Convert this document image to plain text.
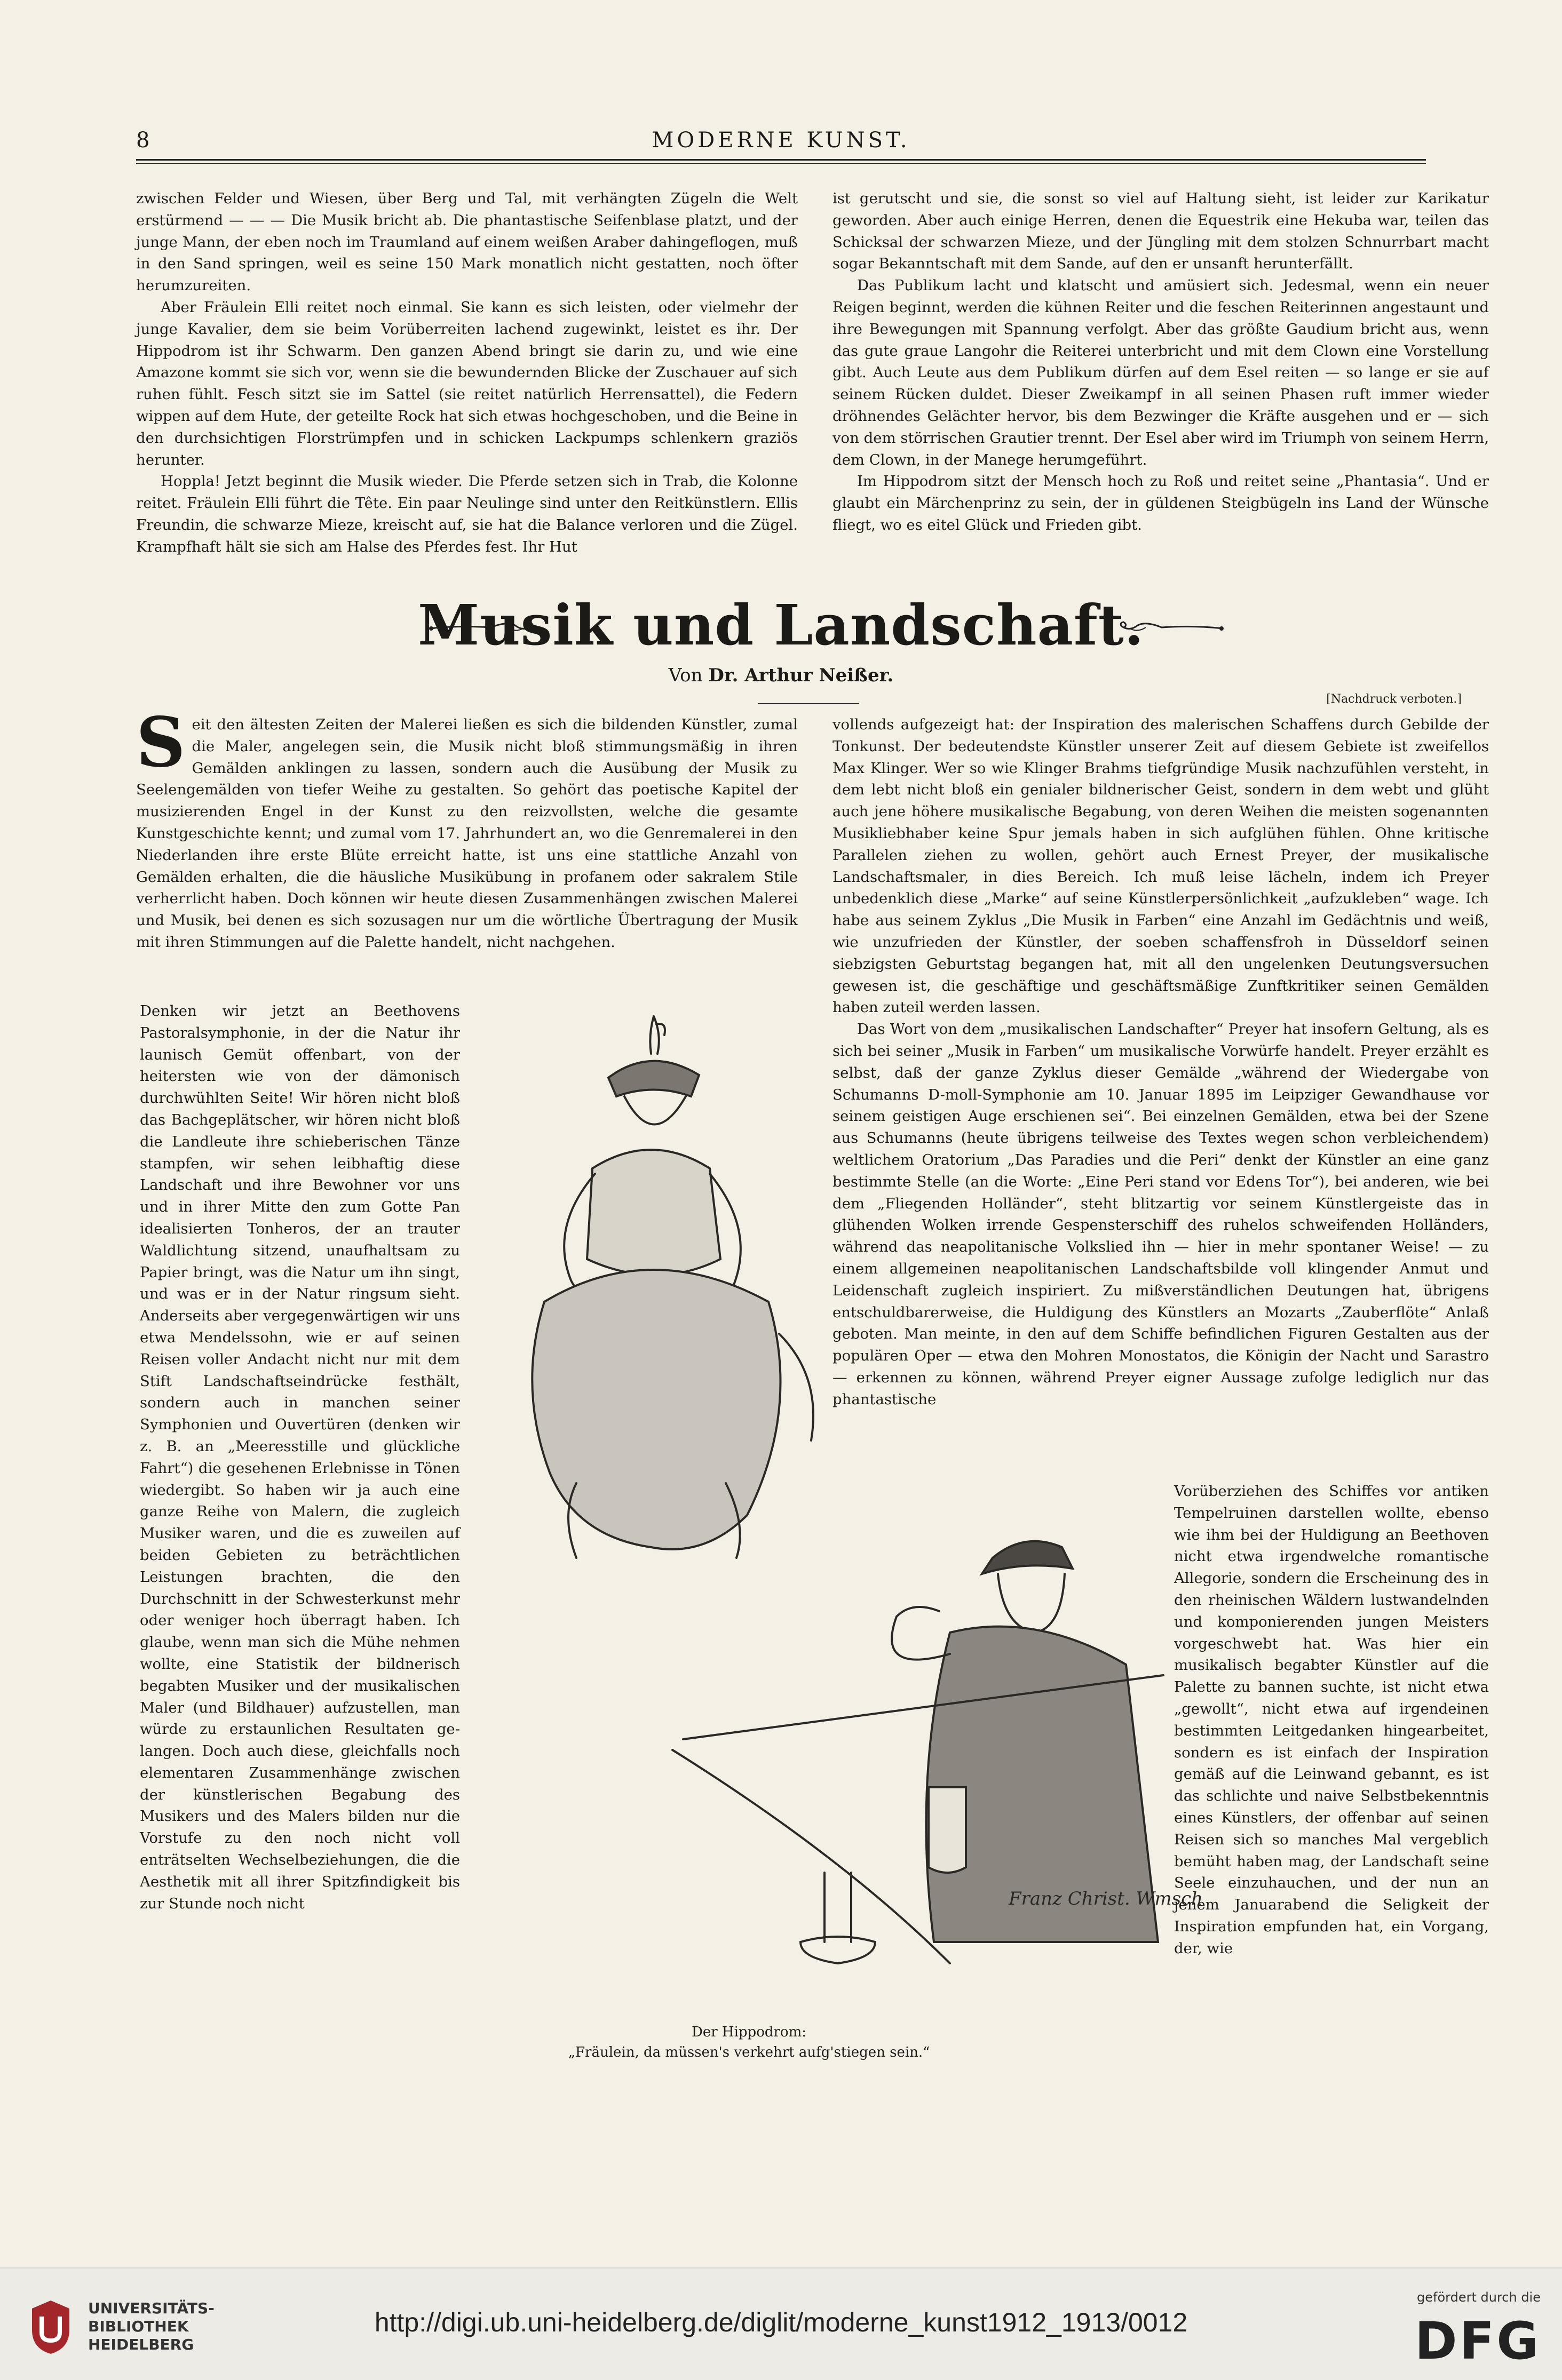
8	MODERNE KUNST.

zwischen Felder und Wiesen, über Berg und Tal, mit verhängten Zügeln die Welt erstürmend — — — Die Musik bricht ab. Die phantastische Seifenblase platzt, und der junge Mann, der eben noch im Traumland auf einem weißen Araber dahingeflogen, muß in den Sand springen, weil es seine 150 Mark monatlich nicht gestatten, noch öfter herumzureiten.

Aber Fräulein Elli reitet noch einmal. Sie kann es sich leisten, oder vielmehr der junge Kavalier, dem sie beim Vorüberreiten lachend zugewinkt, leistet es ihr. Der Hippodrom ist ihr Schwarm. Den ganzen Abend bringt sie darin zu, und wie eine Amazone kommt sie sich vor, wenn sie die bewundernden Blicke der Zuschauer auf sich ruhen fühlt. Fesch sitzt sie im Sattel (sie reitet natürlich Herrensattel), die Federn wippen auf dem Hute, der geteilte Rock hat sich etwas hochgeschoben, und die Beine in den durchsichtigen Florstrümpfen und in schicken Lackpumps schlenkern graziös herunter.

Hoppla! Jetzt beginnt die Musik wieder. Die Pferde setzen sich in Trab, die Kolonne reitet. Fräulein Elli führt die Tête. Ein paar Neulinge sind unter den Reitkünstlern. Ellis Freundin, die schwarze Mieze, kreischt auf, sie hat die Balance verloren und die Zügel. Krampfhaft hält sie sich am Halse des Pferdes fest. Ihr Hut

ist gerutscht und sie, die sonst so viel auf Haltung sieht, ist leider zur Karikatur geworden. Aber auch einige Herren, denen die Equestrik eine Hekuba war, teilen das Schicksal der schwarzen Mieze, und der Jüngling mit dem stolzen Schnurrbart macht sogar Bekanntschaft mit dem Sande, auf den er unsanft herunterfällt.

Das Publikum lacht und klatscht und amüsiert sich. Jedesmal, wenn ein neuer Reigen beginnt, werden die kühnen Reiter und die feschen Reiterinnen angestaunt und ihre Bewegungen mit Spannung verfolgt. Aber das größte Gaudium bricht aus, wenn das gute graue Langohr die Reiterei unterbricht und mit dem Clown eine Vorstellung gibt. Auch Leute aus dem Publikum dürfen auf dem Esel reiten — so lange er sie auf seinem Rücken duldet. Dieser Zweikampf in all seinen Phasen ruft immer wieder dröhnendes Gelächter hervor, bis dem Bezwinger die Kräfte ausgehen und er — sich von dem störrischen Grautier trennt. Der Esel aber wird im Triumph von seinem Herrn, dem Clown, in der Manege herumgeführt.

Im Hippodrom sitzt der Mensch hoch zu Roß und reitet seine „Phantasia“. Und er glaubt ein Märchenprinz zu sein, der in güldenen Steigbügeln ins Land der Wünsche fliegt, wo es eitel Glück und Frieden gibt.

Musik und Landschaft.
Von Dr. Arthur Neißer.
[Nachdruck verboten.]

Seit den ältesten Zeiten der Malerei ließen es sich die bildenden Künstler, zumal die Maler, angelegen sein, die Musik nicht bloß stimmungsmäßig in ihren Gemälden anklingen zu lassen, sondern auch die Ausübung der Musik zu Seelengemälden von tiefer Weihe zu gestalten. So gehört das poetische Kapitel der musizierenden Engel in der Kunst zu den reizvollsten, welche die gesamte Kunstgeschichte kennt; und zumal vom 17. Jahrhundert an, wo die Genremalerei in den Niederlanden ihre erste Blüte erreicht hatte, ist uns eine stattliche Anzahl von Gemälden erhalten, die die häusliche Musikübung in profanem oder sakralem Stile verherrlicht haben. Doch können wir heute diesen Zusammenhängen zwischen Malerei und Musik, bei denen es sich sozusagen nur um die wörtliche Übertragung der Musik mit ihren Stimmungen auf die Palette handelt, nicht nachgehen.

Denken wir jetzt an Beethovens Pastoralsymphonie, in der die Natur ihr launisch Gemüt offenbart, von der heitersten wie von der dämonisch durchwühlten Seite! Wir hören nicht bloß das Bachgeplätscher, wir hören nicht bloß die Landleute ihre schieberischen Tänze stampfen, wir sehen leibhaftig diese Landschaft und ihre Bewohner vor uns und in ihrer Mitte den zum Gotte Pan idealisierten Tonheros, der an trauter Waldlichtung sitzend, unaufhaltsam zu Papier bringt, was die Natur um ihn singt, und was er in der Natur ringsum sieht. Anderseits aber vergegenwärtigen wir uns etwa Mendelssohn, wie er auf seinen Reisen voller Andacht nicht nur mit dem Stift Landschaftseindrücke festhält, sondern auch in manchen seiner Symphonien und Ouvertüren (denken wir z. B. an „Meeresstille und glückliche Fahrt“) die gesehenen Erlebnisse in Tönen wiedergibt. So haben wir ja auch eine ganze Reihe von Malern, die zugleich Musiker waren, und die es zuweilen auf beiden Gebieten zu beträchtlichen Leistungen brachten, die den Durchschnitt in der Schwesterkunst mehr oder weniger hoch überragt haben. Ich glaube, wenn man sich die Mühe nehmen wollte, eine Statistik der bildnerisch begabten Musiker und der musikalischen Maler (und Bildhauer) aufzustellen, man würde zu erstaunlichen Resultaten gelangen. Doch auch diese, gleichfalls noch elementaren Zusammenhänge zwischen der künstlerischen Begabung des Musikers und des Malers bilden nur die Vorstufe zu den noch nicht voll enträtselten Wechselbeziehungen, die die Aesthetik mit all ihrer Spitzfindigkeit bis zur Stunde noch nicht

vollends aufgezeigt hat: der Inspiration des malerischen Schaffens durch Gebilde der Tonkunst. Der bedeutendste Künstler unserer Zeit auf diesem Gebiete ist zweifellos Max Klinger. Wer so wie Klinger Brahms tiefgründige Musik nachzufühlen versteht, in dem lebt nicht bloß ein genialer bildnerischer Geist, sondern in dem webt und glüht auch jene höhere musikalische Begabung, von deren Weihen die meisten sogenannten Musikliebhaber keine Spur jemals haben in sich aufglühen fühlen. Ohne kritische Parallelen ziehen zu wollen, gehört auch Ernest Preyer, der musikalische Landschaftsmaler, in dies Bereich. Ich muß leise lächeln, indem ich Preyer unbedenklich diese „Marke“ auf seine Künstlerpersönlichkeit „aufzukleben“ wage. Ich habe aus seinem Zyklus „Die Musik in Farben“ eine Anzahl im Gedächtnis und weiß, wie unzufrieden der Künstler, der soeben schaffensfroh in Düsseldorf seinen siebzigsten Geburtstag begangen hat, mit all den ungelenken Deutungsversuchen gewesen ist, die geschäftige und geschäftsmäßige Zunftkritiker seinen Gemälden haben zuteil werden lassen.

Das Wort von dem „musikalischen Landschafter“ Preyer hat insofern Geltung, als es sich bei seiner „Musik in Farben“ um musikalische Vorwürfe handelt. Preyer erzählt es selbst, daß der ganze Zyklus dieser Gemälde „während der Wiedergabe von Schumanns D-moll-Symphonie am 10. Januar 1895 im Leipziger Gewandhause vor seinem geistigen Auge erschienen sei“. Bei einzelnen Gemälden, etwa bei der Szene aus Schumanns (heute übrigens teilweise des Textes wegen schon verbleichendem) weltlichem Oratorium „Das Paradies und die Peri“ denkt der Künstler an eine ganz bestimmte Stelle (an die Worte: „Eine Peri stand vor Edens Tor“), bei anderen, wie bei dem „Fliegenden Holländer“, steht blitzartig vor seinem Künstlergeiste das in glühenden Wolken irrende Gespensterschiff des ruhelos schweifenden Holländers, während das neapolitanische Volkslied ihn — hier in mehr spontaner Weise! — zu einem allgemeinen neapolitanischen Landschaftsbilde voll klingender Anmut und Leidenschaft zugleich inspiriert. Zu mißverständlichen Deutungen hat, übrigens entschuldbarerweise, die Huldigung des Künstlers an Mozarts „Zauberflöte“ Anlaß geboten. Man meinte, in den auf dem Schiffe befindlichen Figuren Gestalten aus der populären Oper — etwa den Mohren Monostatos, die Königin der Nacht und Sarastro — erkennen zu können, während Preyer eigner Aussage zufolge lediglich nur das phantastische

Vorüberziehen des Schiffes vor antiken Tempelruinen darstellen wollte, ebenso wie ihm bei der Huldigung an Beethoven nicht etwa irgendwelche romantische Allegorie, sondern die Erscheinung des in den rheinischen Wäldern lustwandelnden und komponierenden jungen Meisters vorgeschwebt hat. Was hier ein musikalisch begabter Künstler auf die Palette zu bannen suchte, ist nicht etwa „gewollt“, nicht etwa auf irgendeinen bestimmten Leitgedanken hingearbeitet, sondern es ist einfach der Inspiration gemäß auf die Leinwand gebannt, es ist das schlichte und naive Selbstbekenntnis eines Künstlers, der offenbar auf seinen Reisen sich so manches Mal vergeblich bemüht haben mag, der Landschaft seine Seele einzuhauchen, und der nun an jenem Januarabend die Seligkeit der Inspiration empfunden hat, ein Vorgang, der, wie

Franz Christ. Wmsch
Der Hippodrom:
„Fräulein, da müssen's verkehrt aufg'stiegen sein.“
UNIVERSITÄTS-
BIBLIOTHEK
HEIDELBERG
http://digi.ub.uni-heidelberg.de/diglit/moderne_kunst1912_1913/0012
gefördert durch die
DFG
